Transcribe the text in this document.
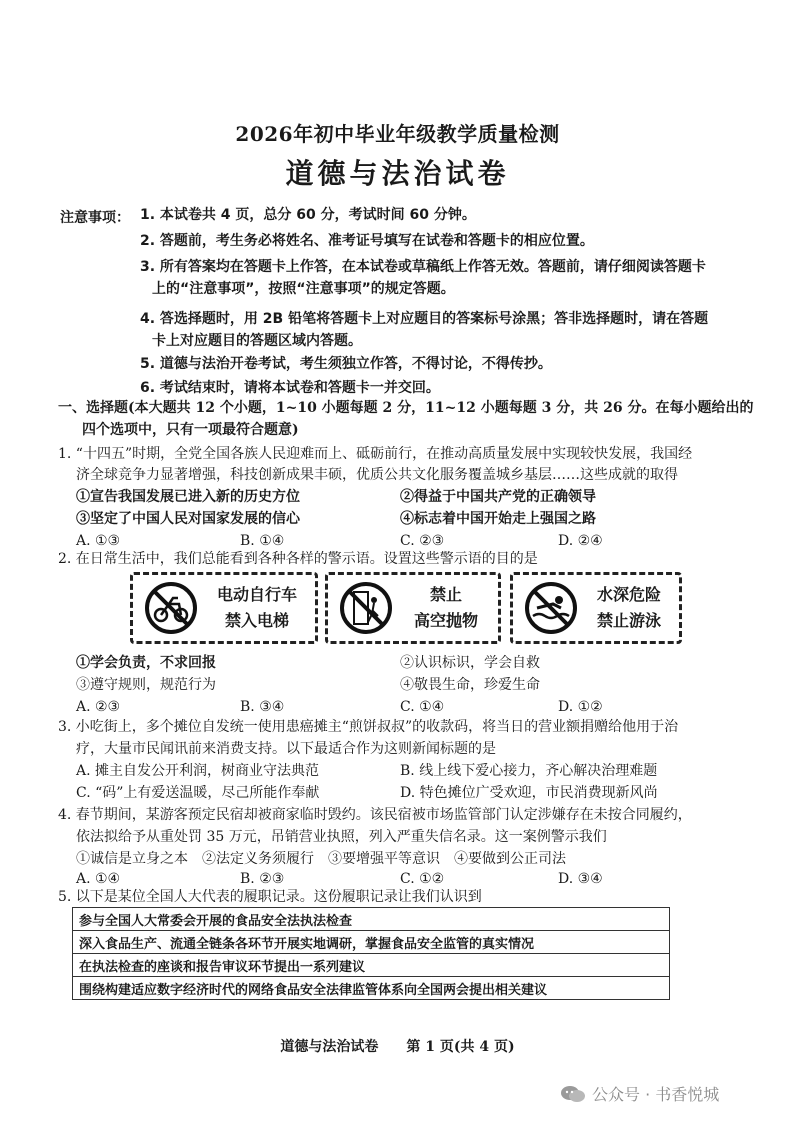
2026年初中毕业年级教学质量检测
道德与法治试卷
注意事项： 1. 本试卷共 4 页，总分 60 分，考试时间 60 分钟。
2. 答题前，考生务必将姓名、准考证号填写在试卷和答题卡的相应位置。
3. 所有答案均在答题卡上作答，在本试卷或草稿纸上作答无效。答题前，请仔细阅读答题卡
上的“注意事项”，按照“注意事项”的规定答题。
4. 答选择题时，用 2B 铅笔将答题卡上对应题目的答案标号涂黑；答非选择题时，请在答题
卡上对应题目的答题区域内答题。
5. 道德与法治开卷考试，考生须独立作答，不得讨论，不得传抄。
6. 考试结束时，请将本试卷和答题卡一并交回。
一、选择题(本大题共 12 个小题，1~10 小题每题 2 分，11~12 小题每题 3 分，共 26 分。在每小题给出的
四个选项中，只有一项最符合题意)
1. “十四五”时期，全党全国各族人民迎难而上、砥砺前行，在推动高质量发展中实现较快发展，我国经
济全球竞争力显著增强，科技创新成果丰硕，优质公共文化服务覆盖城乡基层……这些成就的取得
①宣告我国发展已进入新的历史方位	②得益于中国共产党的正确领导
③坚定了中国人民对国家发展的信心	④标志着中国开始走上强国之路
A. ①③	B. ①④	C. ②③	D. ②④
2. 在日常生活中，我们总能看到各种各样的警示语。设置这些警示语的目的是
电动自行车
禁入电梯
禁止
高空抛物
水深危险
禁止游泳
①学会负责，不求回报	②认识标识，学会自救
③遵守规则，规范行为	④敬畏生命，珍爱生命
A. ②③	B. ③④	C. ①④	D. ①②
3. 小吃街上，多个摊位自发统一使用患癌摊主“煎饼叔叔”的收款码，将当日的营业额捐赠给他用于治
疗，大量市民闻讯前来消费支持。以下最适合作为这则新闻标题的是
A. 摊主自发公开利润，树商业守法典范	B. 线上线下爱心接力，齐心解决治理难题
C. “码”上有爱送温暖，尽己所能作奉献	D. 特色摊位广受欢迎，市民消费现新风尚
4. 春节期间，某游客预定民宿却被商家临时毁约。该民宿被市场监管部门认定涉嫌存在未按合同履约，
依法拟给予从重处罚 35 万元，吊销营业执照，列入严重失信名录。这一案例警示我们
①诚信是立身之本　②法定义务须履行　③要增强平等意识　④要做到公正司法
A. ①④	B. ②③	C. ①②	D. ③④
5. 以下是某位全国人大代表的履职记录。这份履职记录让我们认识到
参与全国人大常委会开展的食品安全法执法检查
深入食品生产、流通全链条各环节开展实地调研，掌握食品安全监管的真实情况
在执法检查的座谈和报告审议环节提出一系列建议
围绕构建适应数字经济时代的网络食品安全法律监管体系向全国两会提出相关建议
道德与法治试卷　　第 1 页(共 4 页)
公众号 · 书香悦城
